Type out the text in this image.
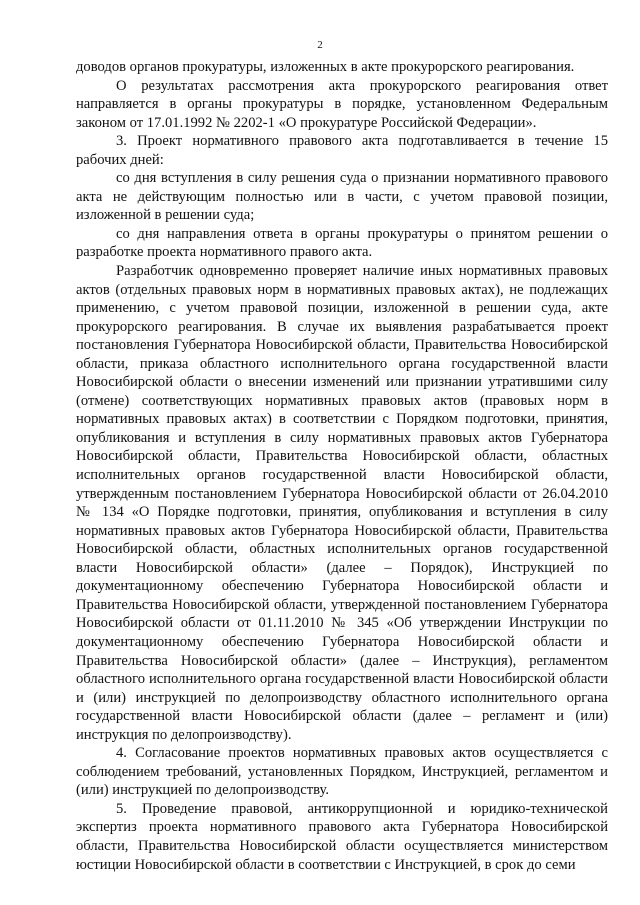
2

доводов органов прокуратуры, изложенных в акте прокурорского реагирования.

О результатах рассмотрения акта прокурорского реагирования ответ направляется в органы прокуратуры в порядке, установленном Федеральным законом от 17.01.1992 № 2202-1 «О прокуратуре Российской Федерации».

3. Проект нормативного правового акта подготавливается в течение 15 рабочих дней:

со дня вступления в силу решения суда о признании нормативного правового акта не действующим полностью или в части, с учетом правовой позиции, изложенной в решении суда;

со дня направления ответа в органы прокуратуры о принятом решении о разработке проекта нормативного правого акта.

Разработчик одновременно проверяет наличие иных нормативных правовых актов (отдельных правовых норм в нормативных правовых актах), не подлежащих применению, с учетом правовой позиции, изложенной в решении суда, акте прокурорского реагирования. В случае их выявления разрабатывается проект постановления Губернатора Новосибирской области, Правительства Новосибирской области, приказа областного исполнительного органа государственной власти Новосибирской области о внесении изменений или признании утратившими силу (отмене) соответствующих нормативных правовых актов (правовых норм в нормативных правовых актах) в соответствии с Порядком подготовки, принятия, опубликования и вступления в силу нормативных правовых актов Губернатора Новосибирской области, Правительства Новосибирской области, областных исполнительных органов государственной власти Новосибирской области, утвержденным постановлением Губернатора Новосибирской области от 26.04.2010 № 134 «О Порядке подготовки, принятия, опубликования и вступления в силу нормативных правовых актов Губернатора Новосибирской области, Правительства Новосибирской области, областных исполнительных органов государственной власти Новосибирской области» (далее – Порядок), Инструкцией по документационному обеспечению Губернатора Новосибирской области и Правительства Новосибирской области, утвержденной постановлением Губернатора Новосибирской области от 01.11.2010 № 345 «Об утверждении Инструкции по документационному обеспечению Губернатора Новосибирской области и Правительства Новосибирской области» (далее – Инструкция), регламентом областного исполнительного органа государственной власти Новосибирской области и (или) инструкцией по делопроизводству областного исполнительного органа государственной власти Новосибирской области (далее – регламент и (или) инструкция по делопроизводству).

4. Согласование проектов нормативных правовых актов осуществляется с соблюдением требований, установленных Порядком, Инструкцией, регламентом и (или) инструкцией по делопроизводству.

5. Проведение правовой, антикоррупционной и юридико-технической экспертиз проекта нормативного правового акта Губернатора Новосибирской области, Правительства Новосибирской области осуществляется министерством юстиции Новосибирской области в соответствии с Инструкцией, в срок до семи
